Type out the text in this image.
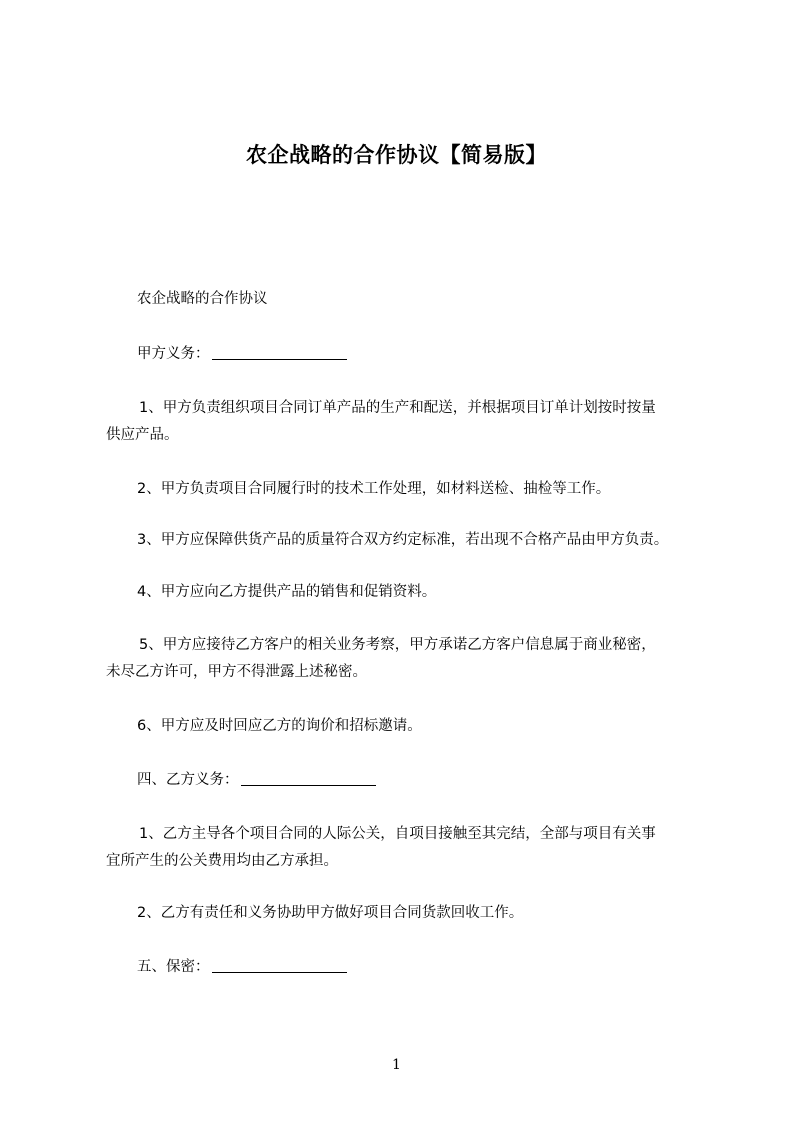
农企战略的合作协议【简易版】
农企战略的合作协议
甲方义务：
1、甲方负责组织项目合同订单产品的生产和配送，并根据项目订单计划按时按量
供应产品。
2、甲方负责项目合同履行时的技术工作处理，如材料送检、抽检等工作。
3、甲方应保障供货产品的质量符合双方约定标准，若出现不合格产品由甲方负责。
4、甲方应向乙方提供产品的销售和促销资料。
5、甲方应接待乙方客户的相关业务考察，甲方承诺乙方客户信息属于商业秘密，
未尽乙方许可，甲方不得泄露上述秘密。
6、甲方应及时回应乙方的询价和招标邀请。
四、乙方义务：
1、乙方主导各个项目合同的人际公关，自项目接触至其完结，全部与项目有关事
宜所产生的公关费用均由乙方承担。
2、乙方有责任和义务协助甲方做好项目合同货款回收工作。
五、保密：
1
